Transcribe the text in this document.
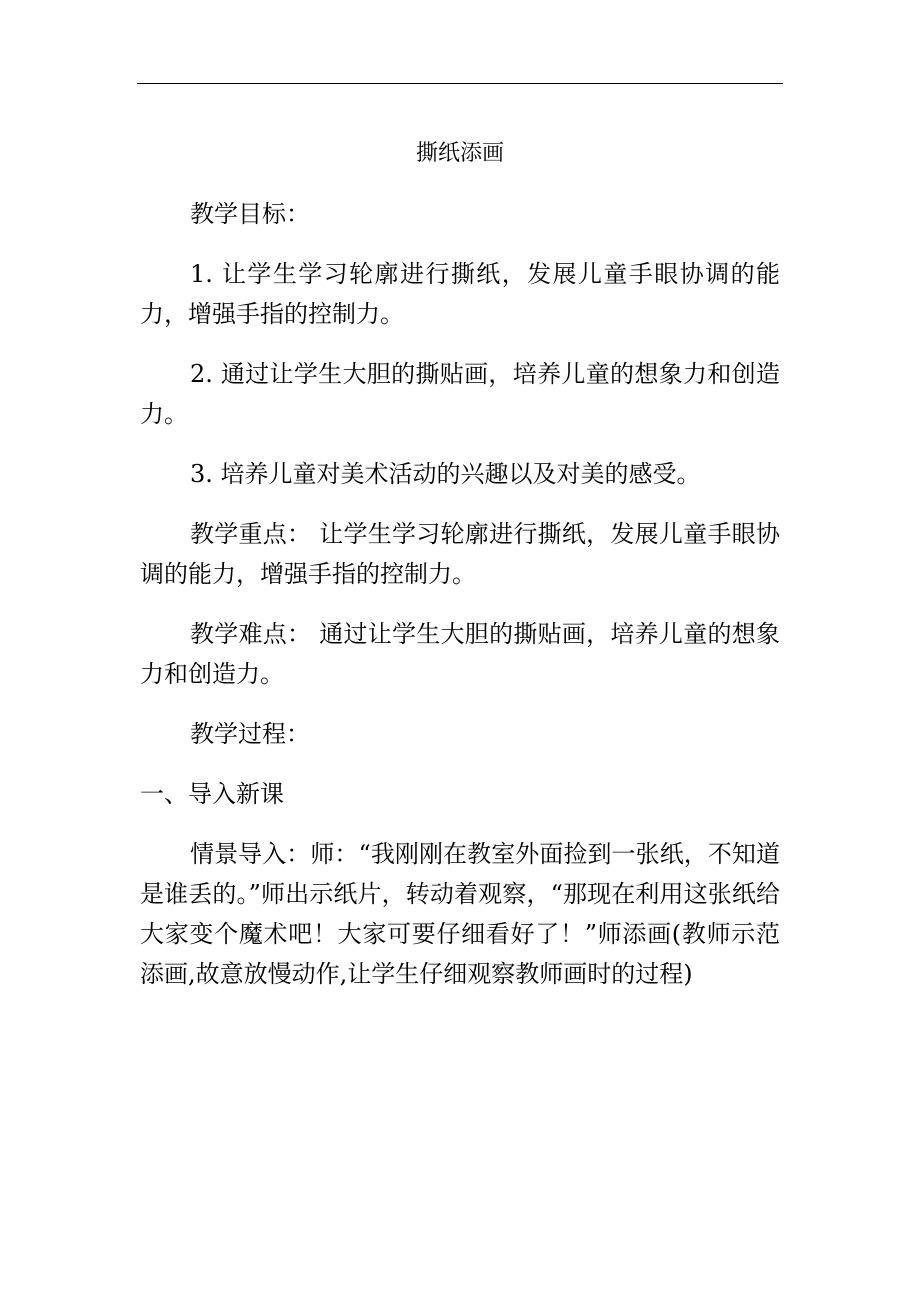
撕纸添画

教学目标：

1. 让学生学习轮廓进行撕纸，发展儿童手眼协调的能力，增强手指的控制力。

2. 通过让学生大胆的撕贴画，培养儿童的想象力和创造力。

3. 培养儿童对美术活动的兴趣以及对美的感受。

教学重点： 让学生学习轮廓进行撕纸，发展儿童手眼协调的能力，增强手指的控制力。

教学难点： 通过让学生大胆的撕贴画，培养儿童的想象力和创造力。

教学过程：

一、导入新课

情景导入：师：“我刚刚在教室外面捡到一张纸，不知道是谁丢的。”师出示纸片，转动着观察，“那现在利用这张纸给大家变个魔术吧！大家可要仔细看好了！”师添画(教师示范添画,故意放慢动作,让学生仔细观察教师画时的过程)
